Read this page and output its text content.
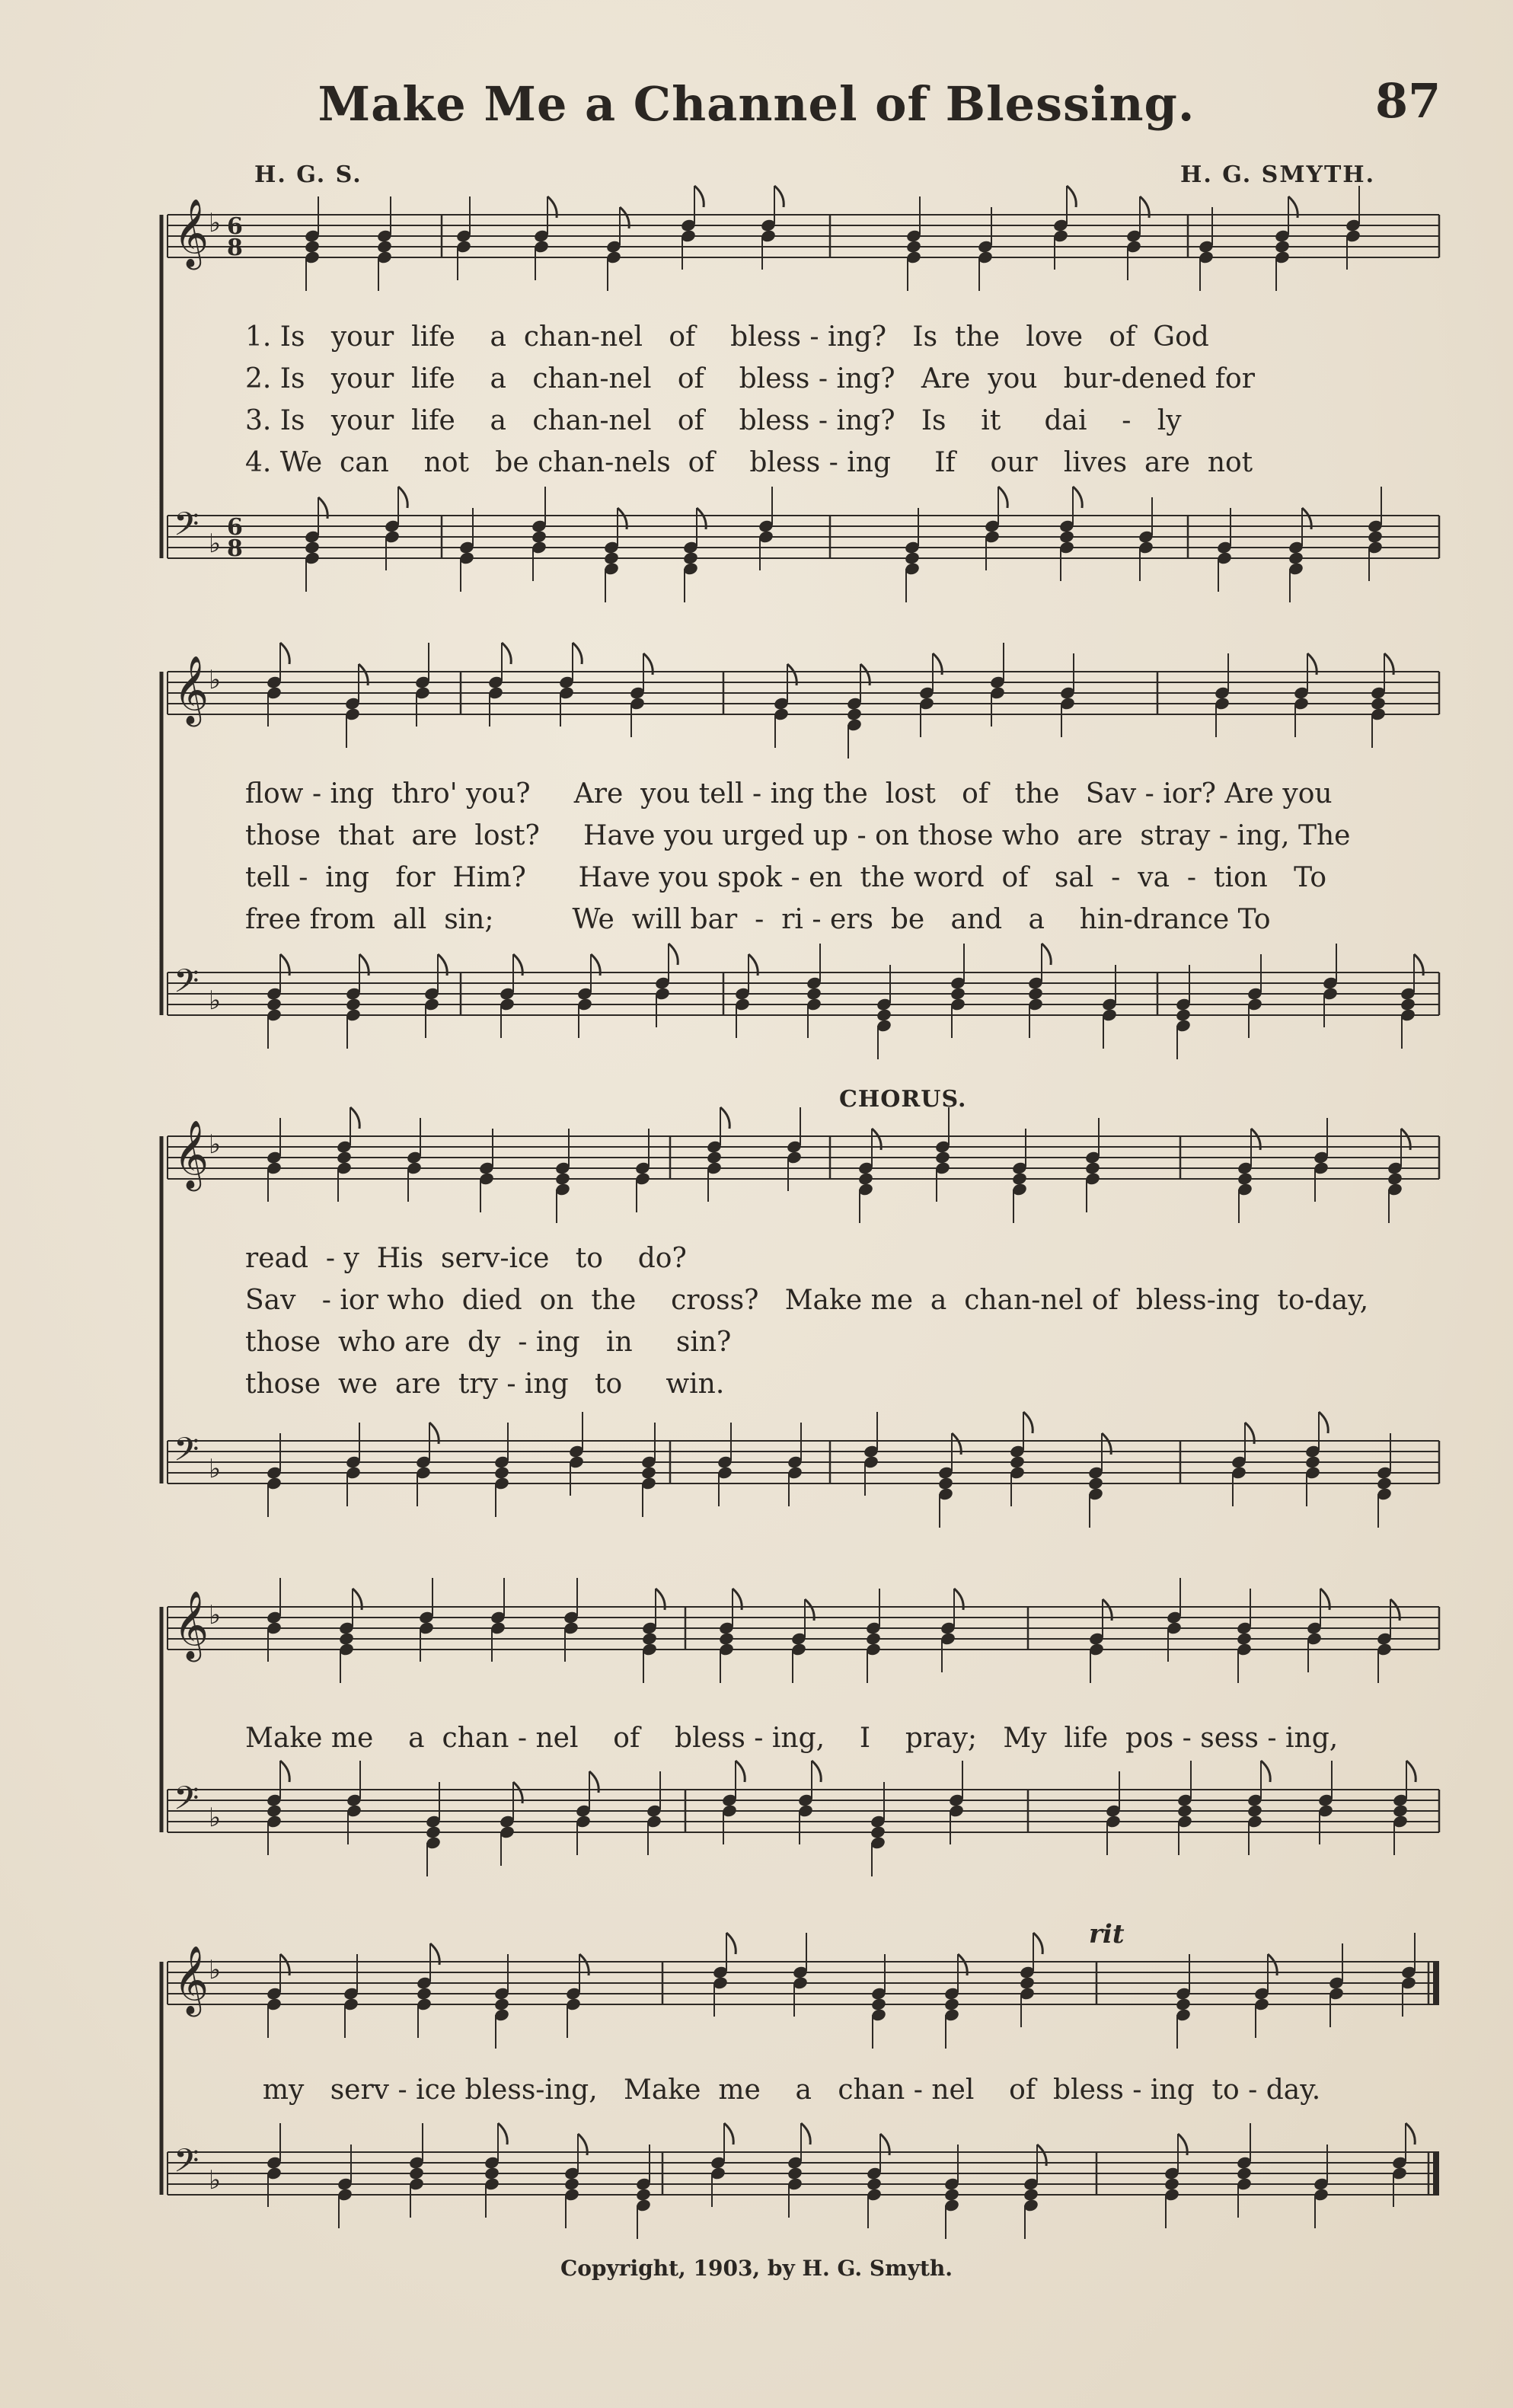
Make Me a Channel of Blessing.	87
H. G. S.	H. G. SMYTH.
𝄞 ♭ 6
8
𝄢 ♭
6
8
1. Is   your  life    a  chan-nel   of    bless - ing?   Is  the   love   of  God
2. Is   your  life    a   chan-nel   of    bless - ing?   Are  you   bur-dened for
3. Is   your  life    a   chan-nel   of    bless - ing?   Is    it     dai    -   ly
4. We  can    not   be chan-nels  of    bless - ing     If    our   lives  are  not
𝄞 ♭
𝄢 ♭
flow - ing  thro' you?     Are  you tell - ing the  lost   of   the   Sav - ior? Are you
those  that  are  lost?     Have you urged up - on those who  are  stray - ing, The
tell -  ing   for  Him?      Have you spok - en  the word  of   sal  -  va  -  tion   To
free from  all  sin;         We  will bar  -  ri - ers  be   and   a    hin-drance To
CHORUS.
𝄞 ♭
𝄢 ♭
read  - y  His  serv-ice   to    do?
Sav   - ior who  died  on  the    cross?   Make me  a  chan-nel of  bless-ing  to-day,
those  who are  dy  - ing   in     sin?
those  we  are  try - ing   to     win.
𝄞 ♭
𝄢 ♭
Make me    a  chan - nel    of    bless - ing,    I    pray;   My  life  pos - sess - ing,
rit
𝄞 ♭
𝄢 ♭
my   serv - ice bless-ing,   Make  me    a   chan - nel    of  bless - ing  to - day.
Copyright, 1903, by H. G. Smyth.
